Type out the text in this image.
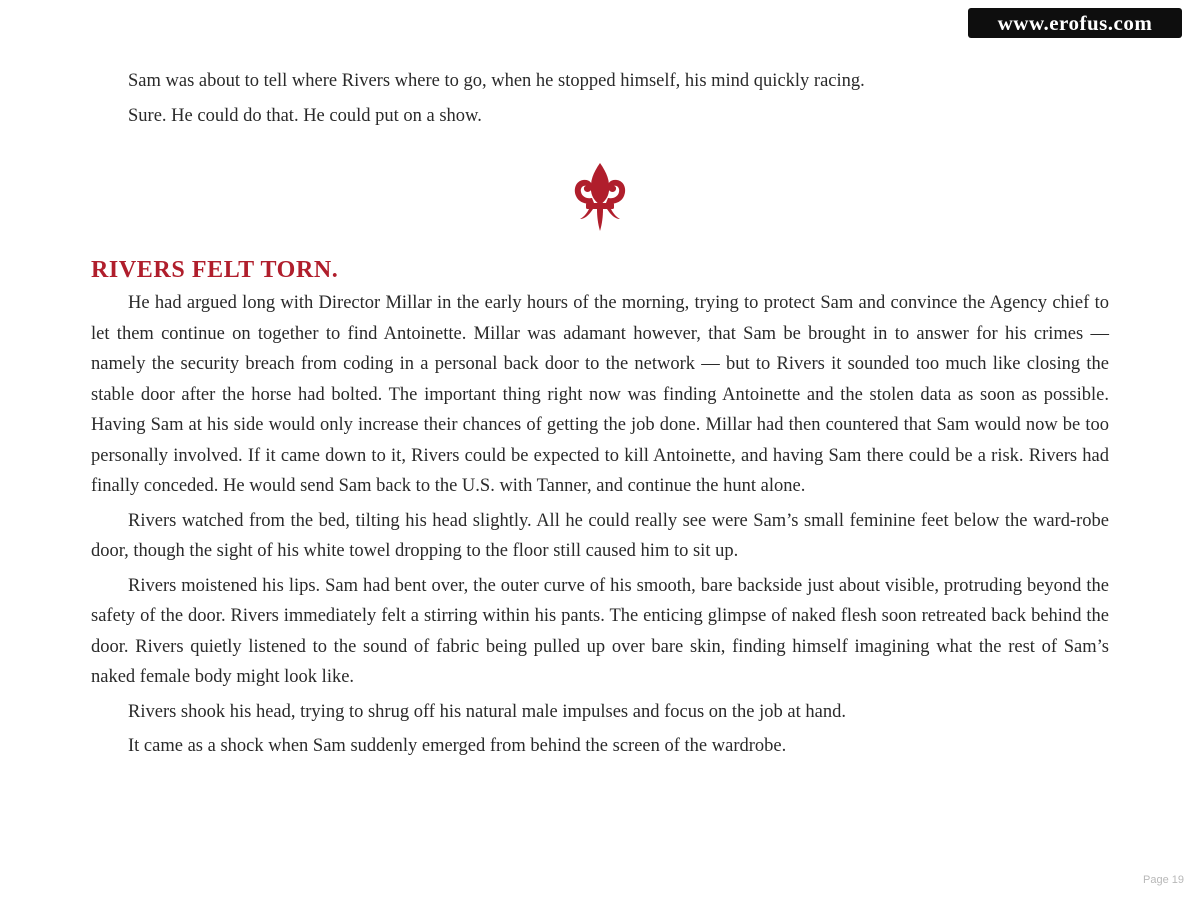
www.erofus.com

Sam was about to tell where Rivers where to go, when he stopped himself, his mind quickly racing.

Sure. He could do that. He could put on a show.

RIVERS FELT TORN.

He had argued long with Director Millar in the early hours of the morning, trying to protect Sam and convince the Agency chief to let them continue on together to find Antoinette. Millar was adamant however, that Sam be brought in to answer for his crimes — namely the security breach from coding in a personal back door to the network — but to Rivers it sounded too much like closing the stable door after the horse had bolted. The important thing right now was finding Antoinette and the stolen data as soon as possible. Having Sam at his side would only increase their chances of getting the job done. Millar had then countered that Sam would now be too personally involved. If it came down to it, Rivers could be expected to kill Antoinette, and having Sam there could be a risk. Rivers had finally conceded. He would send Sam back to the U.S. with Tanner, and continue the hunt alone.

Rivers watched from the bed, tilting his head slightly. All he could really see were Sam’s small feminine feet below the ward-robe door, though the sight of his white towel dropping to the floor still caused him to sit up.

Rivers moistened his lips. Sam had bent over, the outer curve of his smooth, bare backside just about visible, protruding beyond the safety of the door. Rivers immediately felt a stirring within his pants. The enticing glimpse of naked flesh soon retreated back behind the door. Rivers quietly listened to the sound of fabric being pulled up over bare skin, finding himself imagining what the rest of Sam’s naked female body might look like.

Rivers shook his head, trying to shrug off his natural male impulses and focus on the job at hand.

It came as a shock when Sam suddenly emerged from behind the screen of the wardrobe.

Page 19
